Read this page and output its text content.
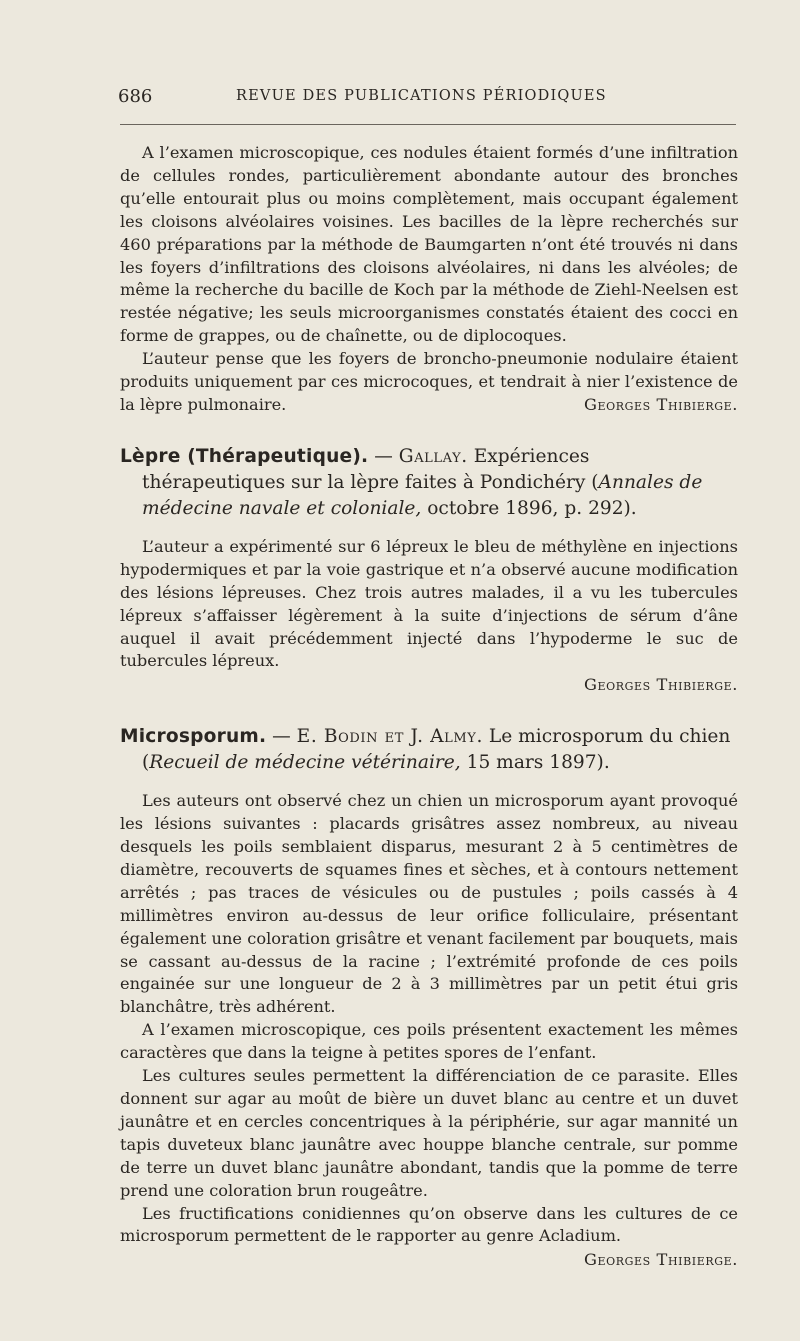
686	REVUE DES PUBLICATIONS PÉRIODIQUES

A l’examen microscopique, ces nodules étaient formés d’une infiltration de cellules rondes, particulièrement abondante autour des bronches qu’elle entourait plus ou moins complètement, mais occupant également les cloisons alvéolaires voisines. Les bacilles de la lèpre recherchés sur 460 préparations par la méthode de Baumgarten n’ont été trouvés ni dans les foyers d’infiltrations des cloisons alvéolaires, ni dans les alvéoles; de même la recherche du bacille de Koch par la méthode de Ziehl-Neelsen est restée négative; les seuls microorganismes constatés étaient des cocci en forme de grappes, ou de chaînette, ou de diplocoques.

L’auteur pense que les foyers de broncho-pneumonie nodulaire étaient produits uniquement par ces microcoques, et tendrait à nier l’existence de la lèpre pulmonaire.	Georges Thibierge.

Lèpre (Thérapeutique). — Gallay. Expériences thérapeutiques sur la lèpre faites à Pondichéry (Annales de médecine navale et coloniale, octobre 1896, p. 292).

L’auteur a expérimenté sur 6 lépreux le bleu de méthylène en injections hypodermiques et par la voie gastrique et n’a observé aucune modification des lésions lépreuses. Chez trois autres malades, il a vu les tubercules lépreux s’affaisser légèrement à la suite d’injections de sérum d’âne auquel il avait précédemment injecté dans l’hypoderme le suc de tubercules lépreux.

Georges Thibierge.
Microsporum. — E. Bodin et J. Almy. Le microsporum du chien (Recueil de médecine vétérinaire, 15 mars 1897).

Les auteurs ont observé chez un chien un microsporum ayant provoqué les lésions suivantes : placards grisâtres assez nombreux, au niveau desquels les poils semblaient disparus, mesurant 2 à 5 centimètres de diamètre, recouverts de squames fines et sèches, et à contours nettement arrêtés ; pas traces de vésicules ou de pustules ; poils cassés à 4 millimètres environ au-dessus de leur orifice folliculaire, présentant également une coloration grisâtre et venant facilement par bouquets, mais se cassant au-dessus de la racine ; l’extrémité profonde de ces poils engainée sur une longueur de 2 à 3 millimètres par un petit étui gris blanchâtre, très adhérent.

A l’examen microscopique, ces poils présentent exactement les mêmes caractères que dans la teigne à petites spores de l’enfant.

Les cultures seules permettent la différenciation de ce parasite. Elles donnent sur agar au moût de bière un duvet blanc au centre et un duvet jaunâtre et en cercles concentriques à la périphérie, sur agar mannité un tapis duveteux blanc jaunâtre avec houppe blanche centrale, sur pomme de terre un duvet blanc jaunâtre abondant, tandis que la pomme de terre prend une coloration brun rougeâtre.

Les fructifications conidiennes qu’on observe dans les cultures de ce microsporum permettent de le rapporter au genre Acladium.

Georges Thibierge.
